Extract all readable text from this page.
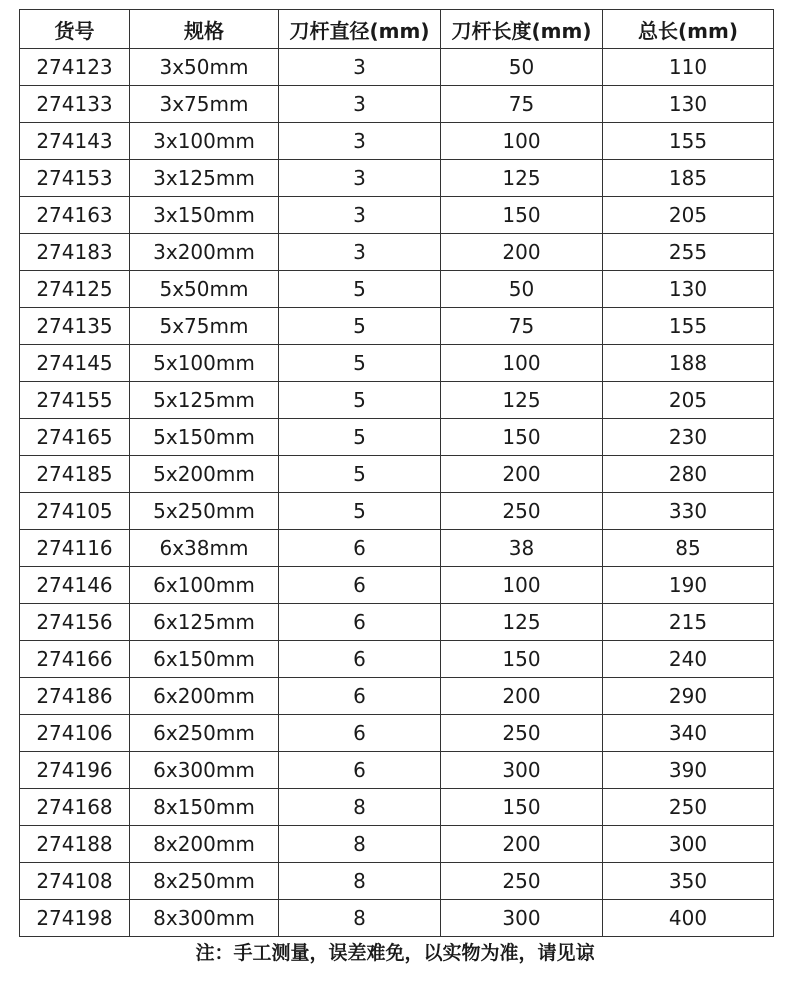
货号	规格	刀杆直径(mm)	刀杆长度(mm)	总长(mm)
274123	3x50mm	3	50	110
274133	3x75mm	3	75	130
274143	3x100mm	3	100	155
274153	3x125mm	3	125	185
274163	3x150mm	3	150	205
274183	3x200mm	3	200	255
274125	5x50mm	5	50	130
274135	5x75mm	5	75	155
274145	5x100mm	5	100	188
274155	5x125mm	5	125	205
274165	5x150mm	5	150	230
274185	5x200mm	5	200	280
274105	5x250mm	5	250	330
274116	6x38mm	6	38	85
274146	6x100mm	6	100	190
274156	6x125mm	6	125	215
274166	6x150mm	6	150	240
274186	6x200mm	6	200	290
274106	6x250mm	6	250	340
274196	6x300mm	6	300	390
274168	8x150mm	8	150	250
274188	8x200mm	8	200	300
274108	8x250mm	8	250	350
274198	8x300mm	8	300	400
注：手工测量，误差难免，以实物为准，请见谅
